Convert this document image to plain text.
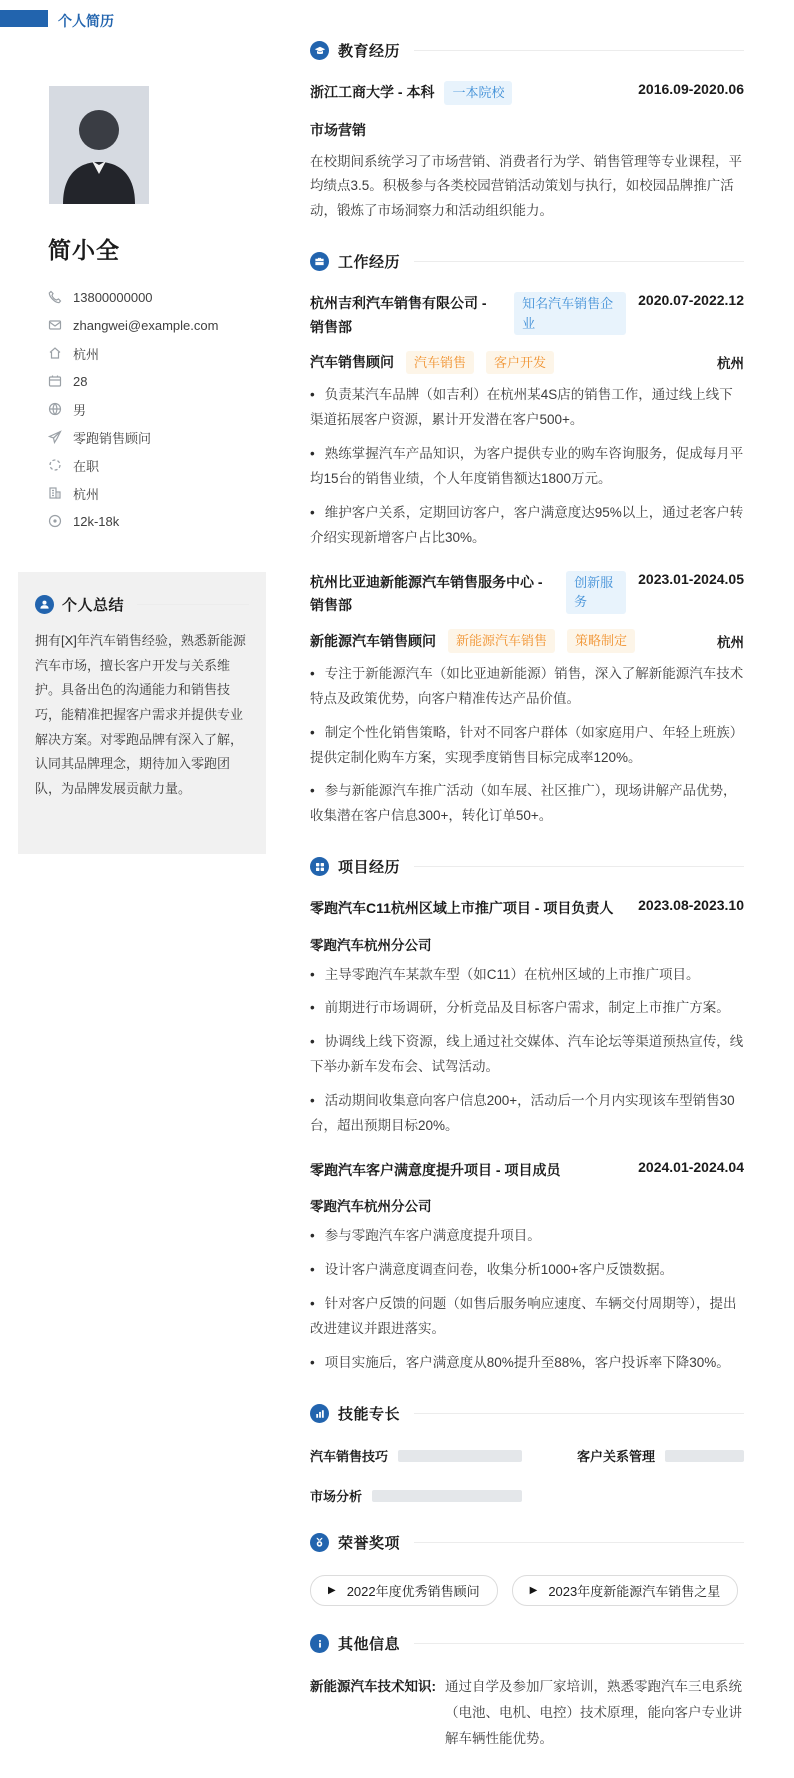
个人简历
简小全
13800000000
zhangwei@example.com
杭州
28
男
零跑销售顾问
在职
杭州
12k-18k
个人总结
拥有[X]年汽车销售经验，熟悉新能源汽车市场，擅长客户开发与关系维护。具备出色的沟通能力和销售技巧，能精准把握客户需求并提供专业解决方案。对零跑品牌有深入了解，认同其品牌理念，期待加入零跑团队，为品牌发展贡献力量。
教育经历
浙江工商大学 - 本科	一本院校	2016.09-2020.06
市场营销
在校期间系统学习了市场营销、消费者行为学、销售管理等专业课程，平均绩点3.5。积极参与各类校园营销活动策划与执行，如校园品牌推广活动，锻炼了市场洞察力和活动组织能力。
工作经历
杭州吉利汽车销售有限公司 - 销售部
知名汽车销售企业
2020.07-2022.12
汽车销售顾问	汽车销售	客户开发	杭州
• 负责某汽车品牌（如吉利）在杭州某4S店的销售工作，通过线上线下渠道拓展客户资源，累计开发潜在客户500+。
• 熟练掌握汽车产品知识，为客户提供专业的购车咨询服务，促成每月平均15台的销售业绩，个人年度销售额达1800万元。
• 维护客户关系，定期回访客户，客户满意度达95%以上，通过老客户转介绍实现新增客户占比30%。
杭州比亚迪新能源汽车销售服务中心 - 销售部
创新服务
2023.01-2024.05
新能源汽车销售顾问	新能源汽车销售	策略制定	杭州
• 专注于新能源汽车（如比亚迪新能源）销售，深入了解新能源汽车技术特点及政策优势，向客户精准传达产品价值。
• 制定个性化销售策略，针对不同客户群体（如家庭用户、年轻上班族）提供定制化购车方案，实现季度销售目标完成率120%。
• 参与新能源汽车推广活动（如车展、社区推广），现场讲解产品优势，收集潜在客户信息300+，转化订单50+。
项目经历
零跑汽车C11杭州区域上市推广项目 - 项目负责人	2023.08-2023.10
零跑汽车杭州分公司
• 主导零跑汽车某款车型（如C11）在杭州区域的上市推广项目。
• 前期进行市场调研，分析竞品及目标客户需求，制定上市推广方案。
• 协调线上线下资源，线上通过社交媒体、汽车论坛等渠道预热宣传，线下举办新车发布会、试驾活动。
• 活动期间收集意向客户信息200+，活动后一个月内实现该车型销售30台，超出预期目标20%。
零跑汽车客户满意度提升项目 - 项目成员	2024.01-2024.04
零跑汽车杭州分公司
• 参与零跑汽车客户满意度提升项目。
• 设计客户满意度调查问卷，收集分析1000+客户反馈数据。
• 针对客户反馈的问题（如售后服务响应速度、车辆交付周期等），提出改进建议并跟进落实。
• 项目实施后，客户满意度从80%提升至88%，客户投诉率下降30%。
技能专长
汽车销售技巧	客户关系管理
市场分析
荣誉奖项
▶ 2022年度优秀销售顾问	▶ 2023年度新能源汽车销售之星
其他信息
新能源汽车技术知识: 通过自学及参加厂家培训，熟悉零跑汽车三电系统（电池、电机、电控）技术原理，能向客户专业讲解车辆性能优势。
